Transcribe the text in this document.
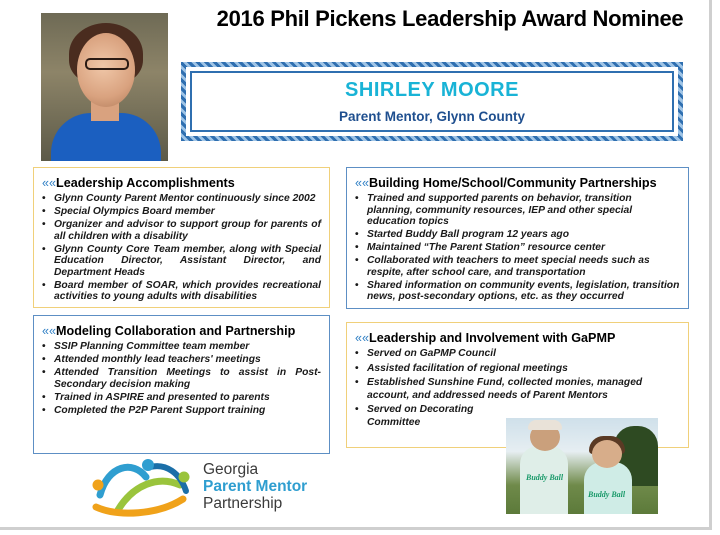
2016 Phil Pickens Leadership Award Nominee
SHIRLEY MOORE
Parent Mentor, Glynn County
««Leadership Accomplishments
• Glynn County Parent Mentor continuously since 2002
• Special Olympics Board member
• Organizer and advisor to support group for parents of all children with a disability
• Glynn County Core Team member, along with Special Education Director, Assistant Director, and Department Heads
• Board member of SOAR, which provides recreational activities to young adults with disabilities
««Building Home/School/Community Partnerships
• Trained and supported parents on behavior, transition planning, community resources, IEP and other special education topics
• Started Buddy Ball program 12 years ago
• Maintained “The Parent Station” resource center
• Collaborated with teachers to meet special needs such as respite, after school care, and transportation
• Shared information on community events, legislation, transition news, post-secondary options, etc. as they occurred
««Modeling Collaboration and Partnership
• SSIP Planning Committee team member
• Attended monthly lead teachers' meetings
• Attended Transition Meetings to assist in Post-Secondary decision making
• Trained in ASPIRE and presented to parents
• Completed the P2P Parent Support training
««Leadership and Involvement with GaPMP
• Served on GaPMP Council
• Assisted facilitation of regional meetings
• Established Sunshine Fund, collected monies, managed account, and addressed needs of Parent Mentors
• Served on Decorating Committee
Georgia
Parent Mentor
Partnership
Buddy Ball
Buddy Ball
